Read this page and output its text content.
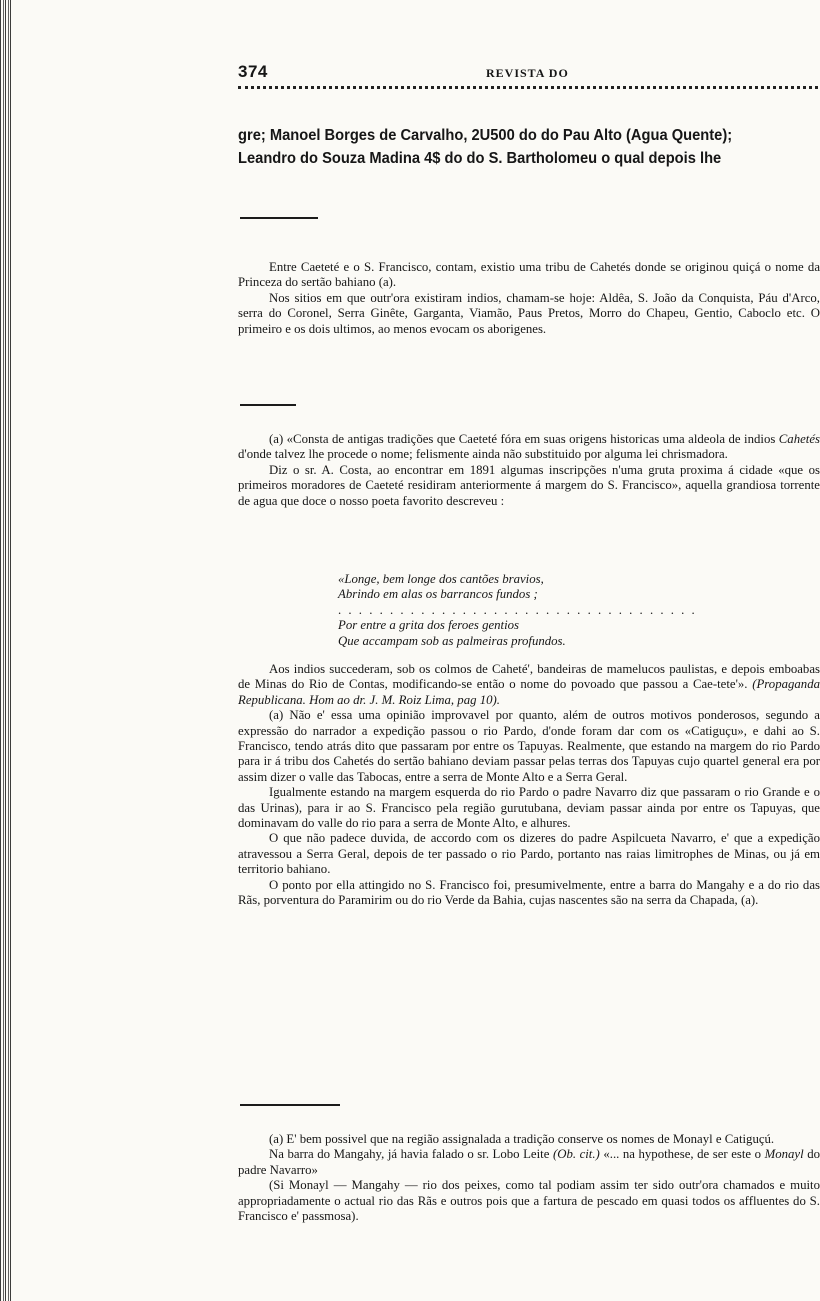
374	REVISTA DO
gre; Manoel Borges de Carvalho, 2U500 do do Pau Alto (Agua Quente);
Leandro do Souza Madina 4$ do do S. Bartholomeu o qual depois lhe

Entre Caeteté e o S. Francisco, contam, existio uma tribu de Cahetés donde se originou quiçá o nome da Princeza do sertão bahiano (a).

Nos sitios em que outr'ora existiram indios, chamam-se hoje: Aldêa, S. João da Conquista, Páu d'Arco, serra do Coronel, Serra Ginête, Garganta, Viamão, Paus Pretos, Morro do Chapeu, Gentio, Caboclo etc. O primeiro e os dois ultimos, ao menos evocam os aborigenes.

(a) «Consta de antigas tradições que Caeteté fóra em suas origens historicas uma aldeola de indios Cahetés d'onde talvez lhe procede o nome; felismente ainda não substituido por alguma lei chrismadora.

Diz o sr. A. Costa, ao encontrar em 1891 algumas inscripções n'uma gruta proxima á cidade «que os primeiros moradores de Caeteté residiram anteriormente á margem do S. Francisco», aquella grandiosa torrente de agua que doce o nosso poeta favorito descreveu :

«Longe, bem longe dos cantões bravios,
Abrindo em alas os barrancos fundos ;
. . . . . . . . . . . . . . . . . . . . . . . . . . . . . . . . . . .
Por entre a grita dos feroes gentios
Que accampam sob as palmeiras profundos.

Aos indios succederam, sob os colmos de Caheté', bandeiras de mamelucos paulistas, e depois emboabas de Minas do Rio de Contas, modificando-se então o nome do povoado que passou a Cae-tete'». (Propaganda Republicana. Hom ao dr. J. M. Roiz Lima, pag 10).

(a) Não e' essa uma opinião improvavel por quanto, além de outros motivos ponderosos, segundo a expressão do narrador a expedição passou o rio Pardo, d'onde foram dar com os «Catiguçu», e dahi ao S. Francisco, tendo atrás dito que passaram por entre os Tapuyas. Realmente, que estando na margem do rio Pardo para ir á tribu dos Cahetés do sertão bahiano deviam passar pelas terras dos Tapuyas cujo quartel general era por assim dizer o valle das Tabocas, entre a serra de Monte Alto e a Serra Geral.

Igualmente estando na margem esquerda do rio Pardo o padre Navarro diz que passaram o rio Grande e o das Urinas), para ir ao S. Francisco pela região gurutubana, deviam passar ainda por entre os Tapuyas, que dominavam do valle do rio para a serra de Monte Alto, e alhures.

O que não padece duvida, de accordo com os dizeres do padre Aspilcueta Navarro, e' que a expedição atravessou a Serra Geral, depois de ter passado o rio Pardo, portanto nas raias limitrophes de Minas, ou já em territorio bahiano.

O ponto por ella attingido no S. Francisco foi, presumivelmente, entre a barra do Mangahy e a do rio das Rãs, porventura do Paramirim ou do rio Verde da Bahia, cujas nascentes são na serra da Chapada, (a).

(a) E' bem possivel que na região assignalada a tradição conserve os nomes de Monayl e Catiguçú.

Na barra do Mangahy, já havia falado o sr. Lobo Leite (Ob. cit.) «... na hypothese, de ser este o Monayl do padre Navarro»

(Si Monayl — Mangahy — rio dos peixes, como tal podiam assim ter sido outr'ora chamados e muito appropriadamente o actual rio das Rãs e outros pois que a fartura de pescado em quasi todos os affluentes do S. Francisco e' passmosa).
